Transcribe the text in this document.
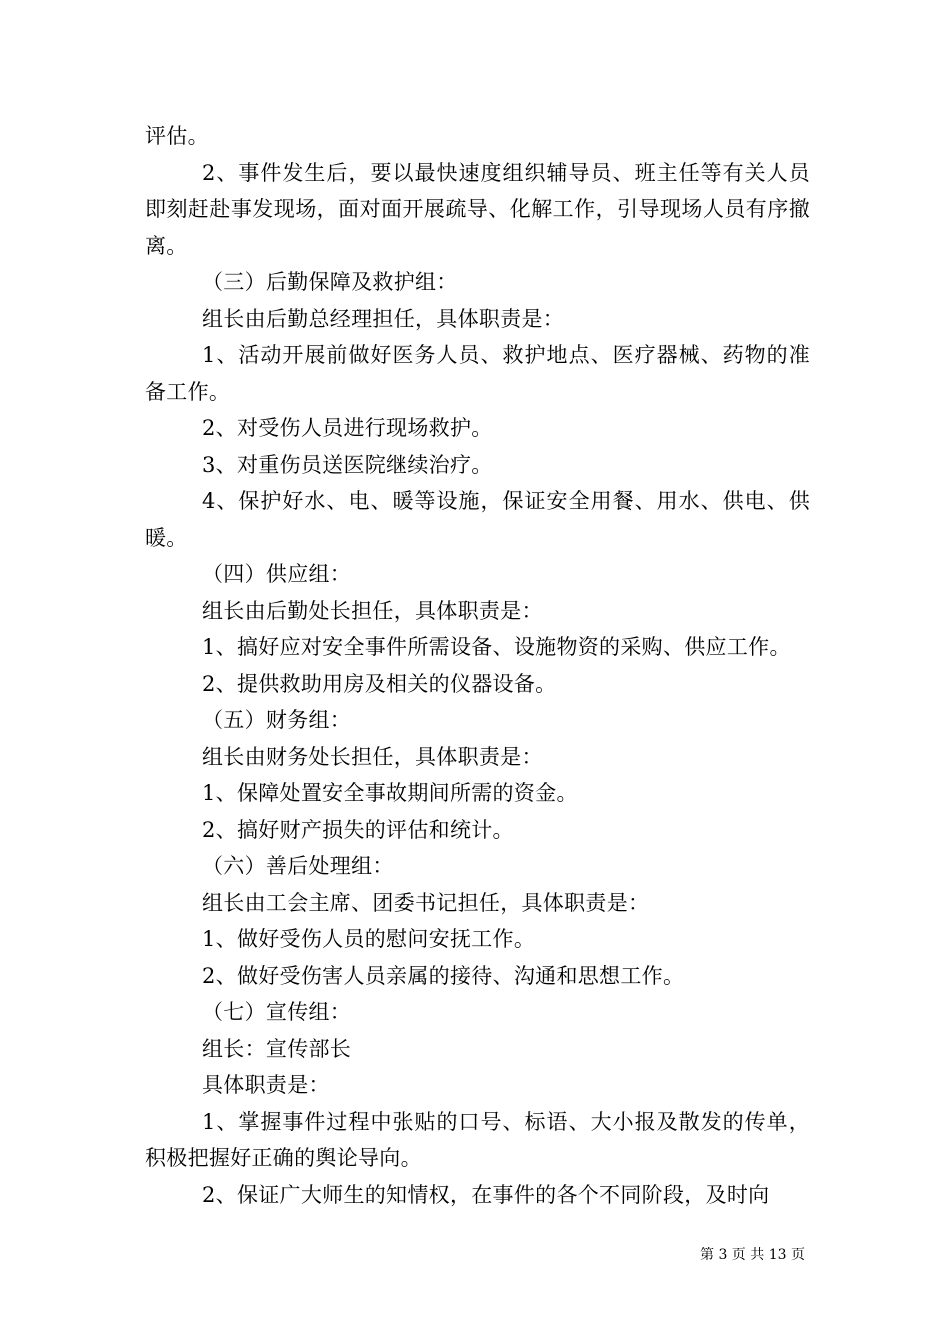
评估。

2、事件发生后，要以最快速度组织辅导员、班主任等有关人员即刻赶赴事发现场，面对面开展疏导、化解工作，引导现场人员有序撤离。

（三）后勤保障及救护组：

组长由后勤总经理担任，具体职责是：

1、活动开展前做好医务人员、救护地点、医疗器械、药物的准备工作。

2、对受伤人员进行现场救护。

3、对重伤员送医院继续治疗。

4、保护好水、电、暖等设施，保证安全用餐、用水、供电、供暖。

（四）供应组：

组长由后勤处长担任，具体职责是：

1、搞好应对安全事件所需设备、设施物资的采购、供应工作。

2、提供救助用房及相关的仪器设备。

（五）财务组：

组长由财务处长担任，具体职责是：

1、保障处置安全事故期间所需的资金。

2、搞好财产损失的评估和统计。

（六）善后处理组：

组长由工会主席、团委书记担任，具体职责是：

1、做好受伤人员的慰问安抚工作。

2、做好受伤害人员亲属的接待、沟通和思想工作。

（七）宣传组：

组长：宣传部长

具体职责是：

1、掌握事件过程中张贴的口号、标语、大小报及散发的传单，积极把握好正确的舆论导向。

2、保证广大师生的知情权，在事件的各个不同阶段，及时向

第 3 页 共 13 页
